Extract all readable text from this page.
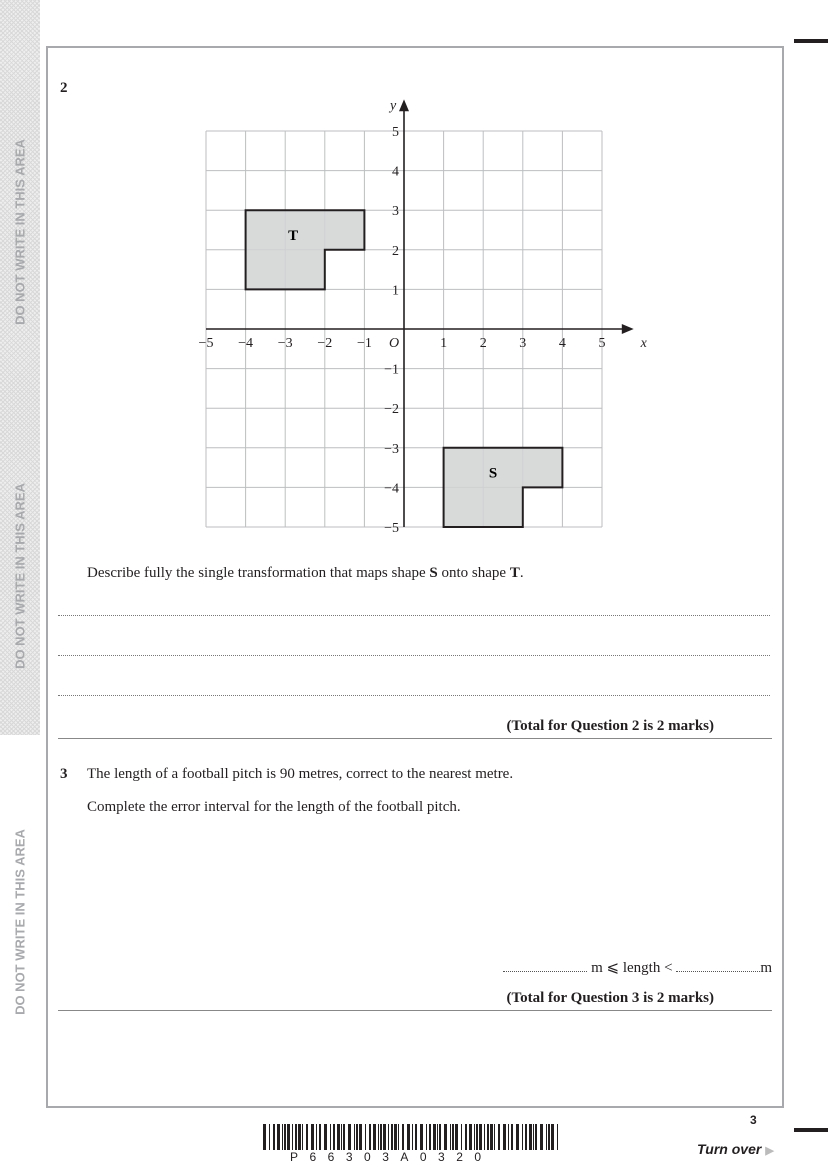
DO NOT WRITE IN THIS AREA
DO NOT WRITE IN THIS AREA
DO NOT WRITE IN THIS AREA
2
T
S
−5 −4 −3 −2 −1	1 2 3 4 5
5
4
3
2
1
−1
−2
−3
−4
−5
O	x
y
Describe fully the single transformation that maps shape S onto shape T.
(Total for Question 2 is 2 marks)
3 The length of a football pitch is 90 metres, correct to the nearest metre.
Complete the error interval for the length of the football pitch.
m ⩽ length <	m
(Total for Question 3 is 2 marks)
P66303A0320
3
Turn over ▶
